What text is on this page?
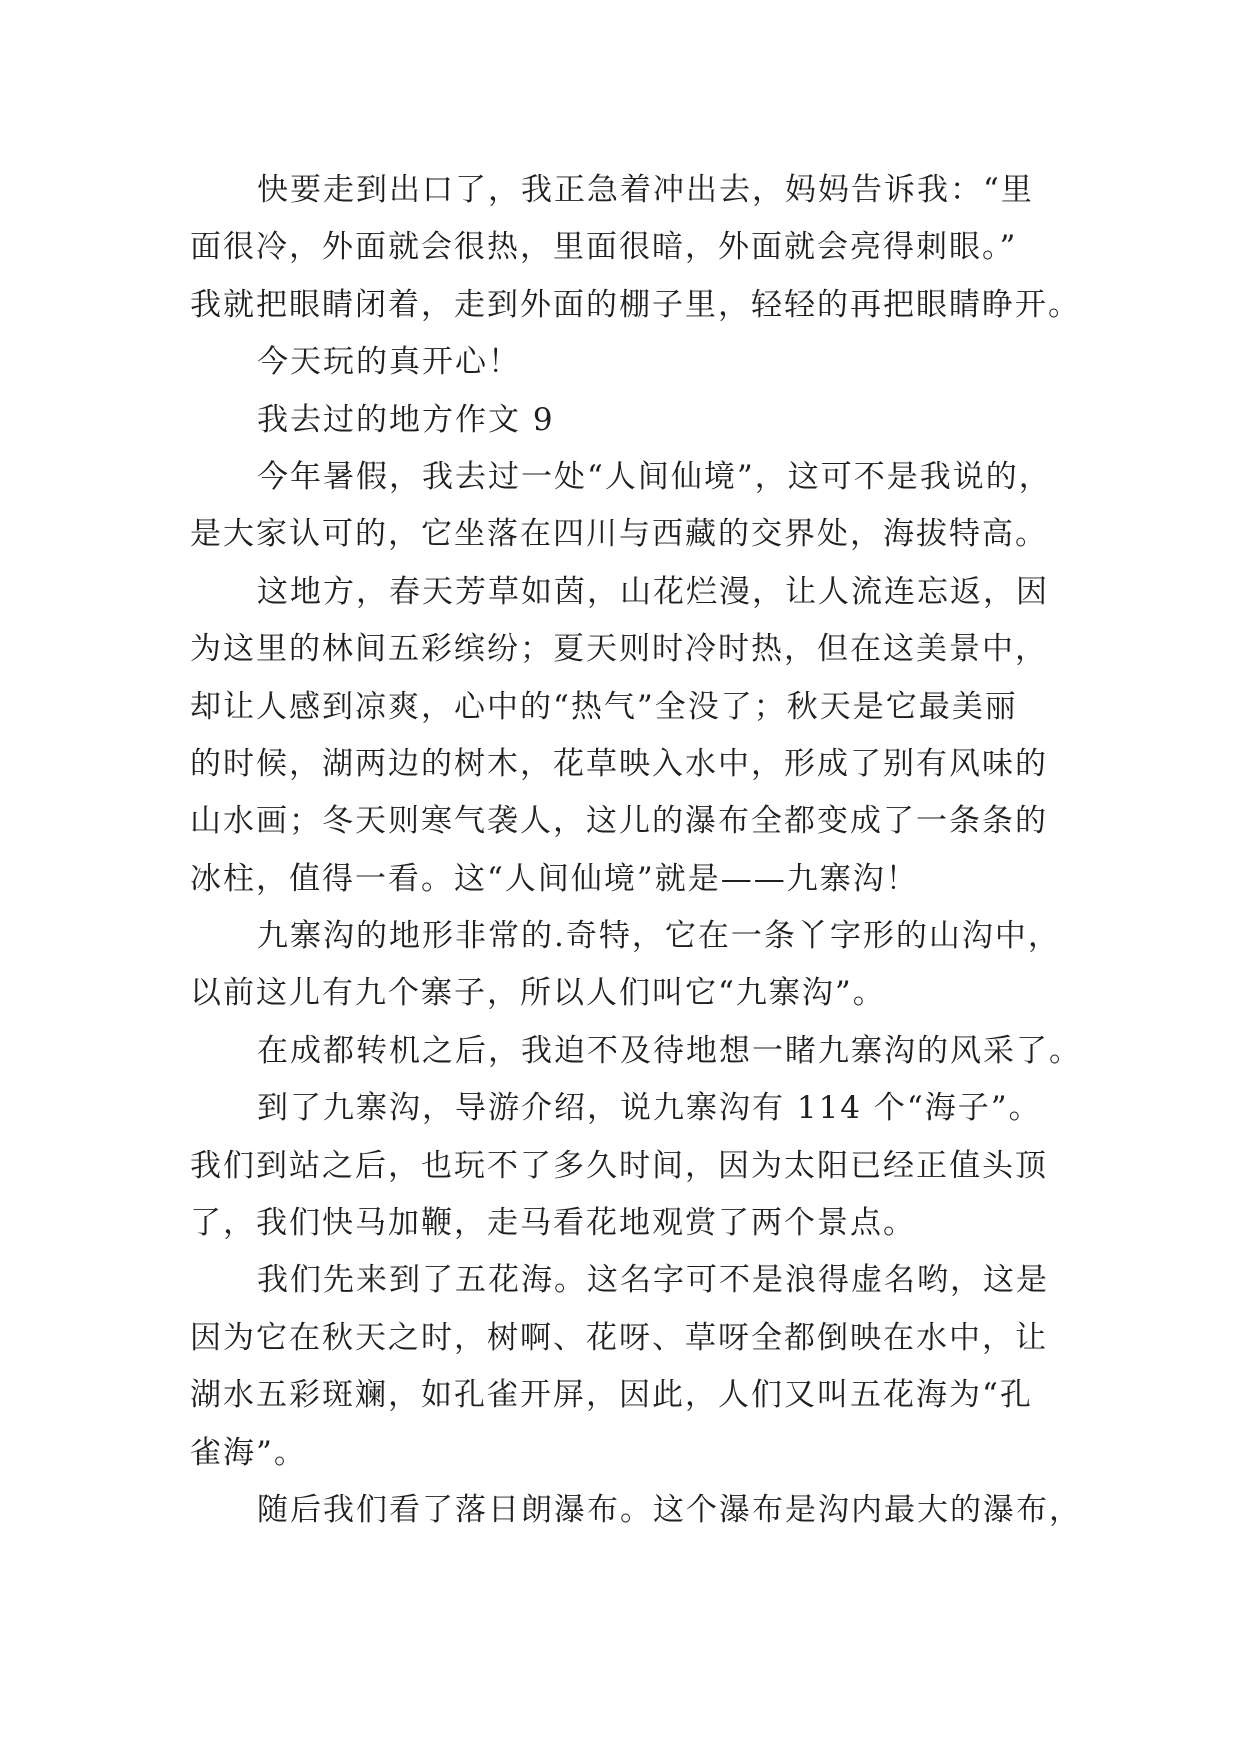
快要走到出口了，我正急着冲出去，妈妈告诉我：“里
面很冷，外面就会很热，里面很暗，外面就会亮得刺眼。”
我就把眼睛闭着，走到外面的棚子里，轻轻的再把眼睛睁开。
今天玩的真开心！
我去过的地方作文 9
今年暑假，我去过一处“人间仙境”，这可不是我说的，
是大家认可的，它坐落在四川与西藏的交界处，海拔特高。
这地方，春天芳草如茵，山花烂漫，让人流连忘返，因
为这里的林间五彩缤纷；夏天则时冷时热，但在这美景中，
却让人感到凉爽，心中的“热气”全没了；秋天是它最美丽
的时候，湖两边的树木，花草映入水中，形成了别有风味的
山水画；冬天则寒气袭人，这儿的瀑布全都变成了一条条的
冰柱，值得一看。这“人间仙境”就是——九寨沟！
九寨沟的地形非常的.奇特，它在一条丫字形的山沟中，
以前这儿有九个寨子，所以人们叫它“九寨沟”。
在成都转机之后，我迫不及待地想一睹九寨沟的风采了。
到了九寨沟，导游介绍，说九寨沟有 114 个“海子”。
我们到站之后，也玩不了多久时间，因为太阳已经正值头顶
了，我们快马加鞭，走马看花地观赏了两个景点。
我们先来到了五花海。这名字可不是浪得虚名哟，这是
因为它在秋天之时，树啊、花呀、草呀全都倒映在水中，让
湖水五彩斑斓，如孔雀开屏，因此，人们又叫五花海为“孔
雀海”。
随后我们看了落日朗瀑布。这个瀑布是沟内最大的瀑布，
